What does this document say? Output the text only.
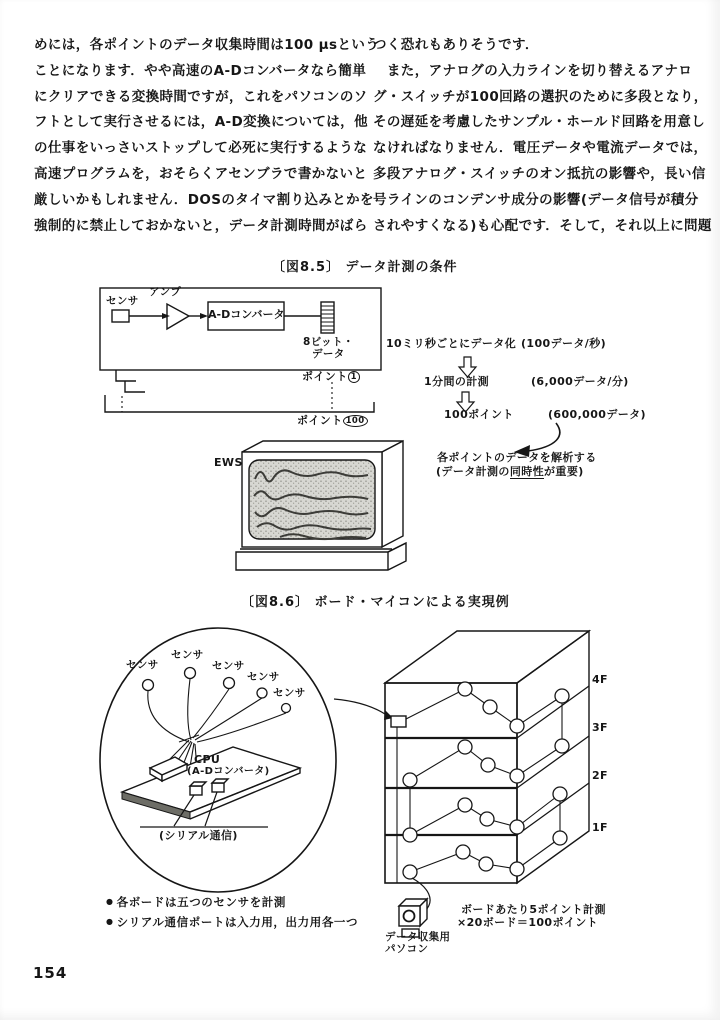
めには，各ポイントのデータ収集時間は100 μsという

ことになります．やや高速のA-Dコンバータなら簡単

にクリアできる変換時間ですが，これをパソコンのソ

フトとして実行させるには，A-D変換については，他

の仕事をいっさいストップして必死に実行するような

高速プログラムを，おそらくアセンブラで書かないと

厳しいかもしれません．DOSのタイマ割り込みとかを

強制的に禁止しておかないと，データ計測時間がばら

つく恐れもありそうです．

　また，アナログの入力ラインを切り替えるアナロ

グ・スイッチが100回路の選択のために多段となり，

その遅延を考慮したサンプル・ホールド回路を用意し

なければなりません．電圧データや電流データでは，

多段アナログ・スイッチのオン抵抗の影響や，長い信

号ラインのコンデンサ成分の影響(データ信号が積分

されやすくなる)も心配です．そして，それ以上に問題

〔図8.5〕 データ計測の条件
センサ
アンプ
A-Dコンバータ
8ビット・
データ
ポイント 1
ポイント 100
10ミリ秒ごとにデータ化 (100データ/秒)
1分間の計測	(6,000データ/分)
100ポイント	(600,000データ)
各ポイントのデータを解析する
(データ計測の同時性が重要)
EWS
〔図8.6〕 ボード・マイコンによる実現例
センサ
センサ
センサ
センサ
センサ
CPU
(A-Dコンバータ)
(シリアル通信)
4F
3F
2F
1F
データ収集用
パソコン
ボードあたり5ポイント計測
×20ボード＝100ポイント
● 各ボードは五つのセンサを計測
● シリアル通信ポートは入力用，出力用各一つ
154
